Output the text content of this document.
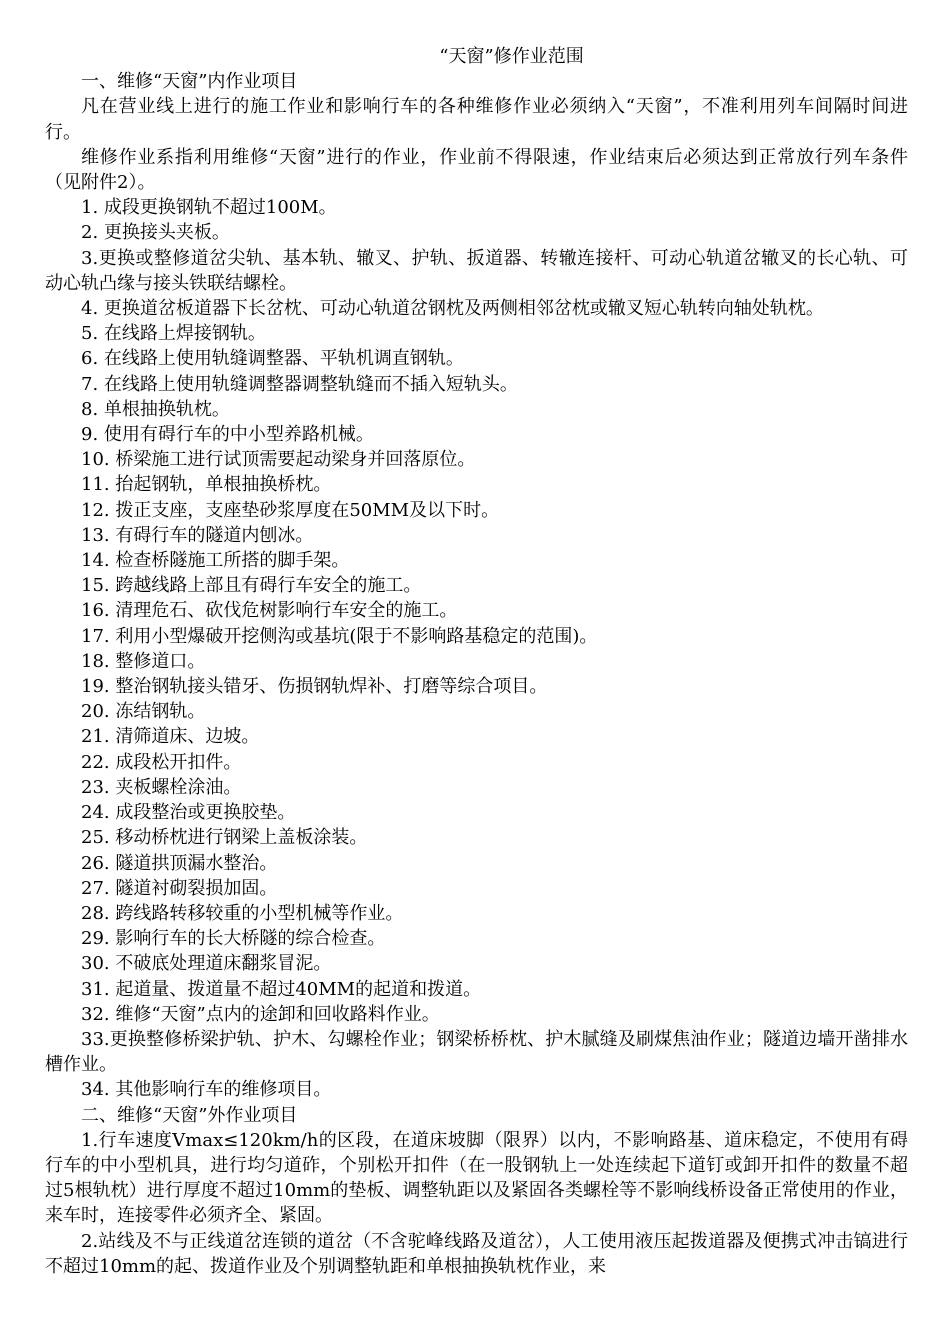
“天窗”修作业范围

一、维修“天窗”内作业项目

凡在营业线上进行的施工作业和影响行车的各种维修作业必须纳入“天窗”，不准利用列车间隔时间进行。

维修作业系指利用维修“天窗”进行的作业，作业前不得限速，作业结束后必须达到正常放行列车条件（见附件2）。

1. 成段更换钢轨不超过100M。

2. 更换接头夹板。

3.更换或整修道岔尖轨、基本轨、辙叉、护轨、扳道器、转辙连接杆、可动心轨道岔辙叉的长心轨、可动心轨凸缘与接头铁联结螺栓。

4. 更换道岔板道器下长岔枕、可动心轨道岔钢枕及两侧相邻岔枕或辙叉短心轨转向轴处轨枕。

5. 在线路上焊接钢轨。

6. 在线路上使用轨缝调整器、平轨机调直钢轨。

7. 在线路上使用轨缝调整器调整轨缝而不插入短轨头。

8. 单根抽换轨枕。

9. 使用有碍行车的中小型养路机械。

10. 桥梁施工进行试顶需要起动梁身并回落原位。

11. 抬起钢轨，单根抽换桥枕。

12. 拨正支座，支座垫砂浆厚度在50MM及以下时。

13. 有碍行车的隧道内刨冰。

14. 检查桥隧施工所搭的脚手架。

15. 跨越线路上部且有碍行车安全的施工。

16. 清理危石、砍伐危树影响行车安全的施工。

17. 利用小型爆破开挖侧沟或基坑(限于不影响路基稳定的范围)。

18. 整修道口。

19. 整治钢轨接头错牙、伤损钢轨焊补、打磨等综合项目。

20. 冻结钢轨。

21. 清筛道床、边坡。

22. 成段松开扣件。

23. 夹板螺栓涂油。

24. 成段整治或更换胶垫。

25. 移动桥枕进行钢梁上盖板涂装。

26. 隧道拱顶漏水整治。

27. 隧道衬砌裂损加固。

28. 跨线路转移较重的小型机械等作业。

29. 影响行车的长大桥隧的综合检查。

30. 不破底处理道床翻浆冒泥。

31. 起道量、拨道量不超过40MM的起道和拨道。

32. 维修“天窗”点内的途卸和回收路料作业。

33.更换整修桥梁护轨、护木、勾螺栓作业；钢梁桥桥枕、护木腻缝及刷煤焦油作业；隧道边墙开凿排水槽作业。

34. 其他影响行车的维修项目。

二、维修“天窗”外作业项目

1.行车速度Vmax≤120km/h的区段，在道床坡脚（限界）以内，不影响路基、道床稳定，不使用有碍行车的中小型机具，进行均匀道砟，个别松开扣件（在一股钢轨上一处连续起下道钉或卸开扣件的数量不超过5根轨枕）进行厚度不超过10mm的垫板、调整轨距以及紧固各类螺栓等不影响线桥设备正常使用的作业，来车时，连接零件必须齐全、紧固。

2.站线及不与正线道岔连锁的道岔（不含驼峰线路及道岔），人工使用液压起拨道器及便携式冲击镐进行不超过10mm的起、拨道作业及个别调整轨距和单根抽换轨枕作业，来
